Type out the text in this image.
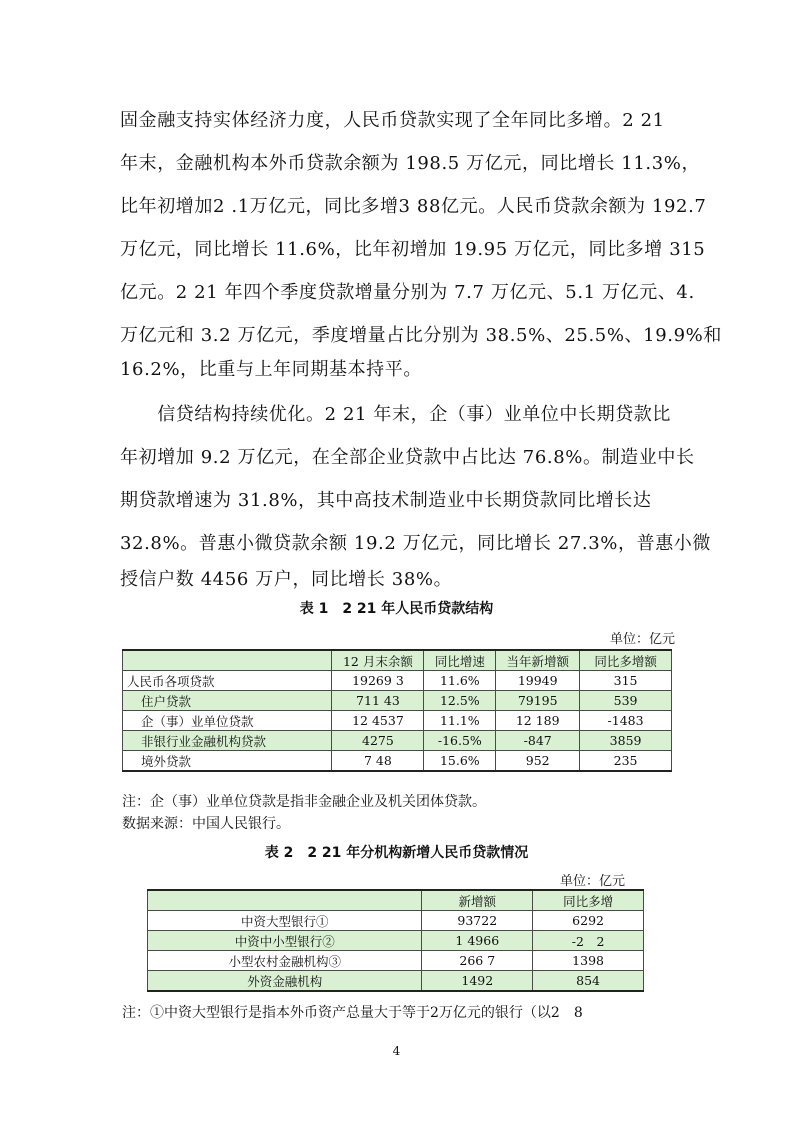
固金融支持实体经济力度，人民币贷款实现了全年同比多增。2 21
年末，金融机构本外币贷款余额为 198.5 万亿元，同比增长 11.3%，
比年初增加2 .1万亿元，同比多增3 88亿元。人民币贷款余额为 192.7
万亿元，同比增长 11.6%，比年初增加 19.95 万亿元，同比多增 315
亿元。2 21 年四个季度贷款增量分别为 7.7 万亿元、5.1 万亿元、4.
万亿元和 3.2 万亿元，季度增量占比分别为 38.5%、25.5%、19.9%和
16.2%，比重与上年同期基本持平。
　　信贷结构持续优化。2 21 年末，企（事）业单位中长期贷款比
年初增加 9.2 万亿元，在全部企业贷款中占比达 76.8%。制造业中长
期贷款增速为 31.8%，其中高技术制造业中长期贷款同比增长达
32.8%。普惠小微贷款余额 19.2 万亿元，同比增长 27.3%，普惠小微
授信户数 4456 万户，同比增长 38%。
表 1　2 21 年人民币贷款结构
单位：亿元
	12 月末余额	同比增速	当年新增额	同比多增额
人民币各项贷款	19269 3	11.6%	19949	315
住户贷款	711 43	12.5%	79195	539
企（事）业单位贷款	12 4537	11.1%	12 189	-1483
非银行业金融机构贷款	4275	-16.5%	-847	3859
境外贷款	7 48	15.6%	952	235
注：企（事）业单位贷款是指非金融企业及机关团体贷款。
数据来源：中国人民银行。
表 2　2 21 年分机构新增人民币贷款情况
单位：亿元
	新增额	同比多增
中资大型银行①	93722	6292
中资中小型银行②	1 4966	-2　2
小型农村金融机构③	266 7	1398
外资金融机构	1492	854
注：①中资大型银行是指本外币资产总量大于等于2万亿元的银行（以2　8
4
